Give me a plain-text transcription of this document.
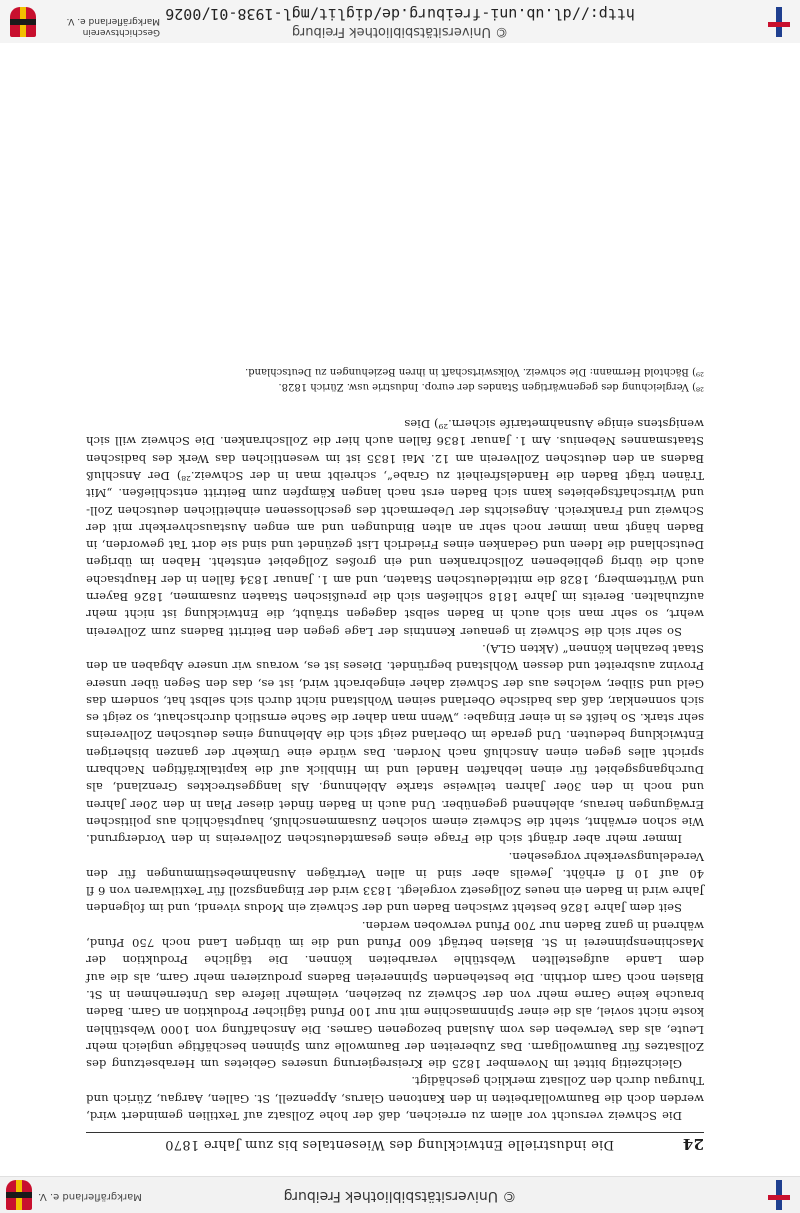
© Universitätsbibliothek Freiburg
Markgräflerland e. V.
24
Die industrielle Entwicklung des Wiesentales bis zum Jahre 1870

Die Schweiz versucht vor allem zu erreichen, daß der hohe Zollsatz auf Textilien gemindert wird, werden doch die Baumwollarbeiten in den Kantonen Glarus, Appenzell, St. Gallen, Aargau, Zürich und Thurgau durch den Zollsatz merklich geschädigt.

Gleichzeitig bittet im November 1825 die Kreisregierung unseres Gebietes um Herabsetzung des Zollsatzes für Baumwollgarn. Das Zubereiten der Baumwolle zum Spinnen beschäftige ungleich mehr Leute, als das Verweben des vom Ausland bezogenen Garnes. Die Anschaffung von 1000 Webstühlen koste nicht soviel, als die einer Spinnmaschine mit nur 100 Pfund täglicher Produktion an Garn. Baden brauche keine Garne mehr von der Schweiz zu beziehen, vielmehr liefere das Unternehmen in St. Blasien noch Garn dorthin. Die bestehenden Spinnereien Badens produzieren mehr Garn, als die auf dem Lande aufgestellten Webstühle verarbeiten können. Die tägliche Produktion der Maschinenspinnerei in St. Blasien beträgt 600 Pfund und die im übrigen Land noch 750 Pfund, während in ganz Baden nur 700 Pfund verwoben werden.

Seit dem Jahre 1826 besteht zwischen Baden und der Schweiz ein Modus vivendi, und im folgenden Jahre wird in Baden ein neues Zollgesetz vorgelegt. 1833 wird der Eingangszoll für Textilwaren von 6 fl 40 auf 10 fl erhöht. Jeweils aber sind in allen Verträgen Ausnahmebestimmungen für den Veredelungsverkehr vorgesehen.

Immer mehr aber drängt sich die Frage eines gesamtdeutschen Zollvereins in den Vordergrund. Wie schon erwähnt, steht die Schweiz einem solchen Zusammenschluß, hauptsächlich aus politischen Erwägungen heraus, ablehnend gegenüber. Und auch in Baden findet dieser Plan in den 20er Jahren und noch in den 30er Jahren teilweise starke Ablehnung. Als langgestrecktes Grenzland, als Durchgangsgebiet für einen lebhaften Handel und im Hinblick auf die kapitalkräftigen Nachbarn spricht alles gegen einen Anschluß nach Norden. Das würde eine Umkehr der ganzen bisherigen Entwicklung bedeuten. Und gerade im Oberland zeigt sich die Ablehnung eines deutschen Zollvereins sehr stark. So heißt es in einer Eingabe: „Wenn man daher die Sache ernstlich durchschaut, so zeigt es sich sonnenklar, daß das badische Oberland seinen Wohlstand nicht durch sich selbst hat, sondern das Geld und Silber, welches aus der Schweiz daher eingebracht wird, ist es, das den Segen über unsere Provinz ausbreitet und dessen Wohlstand begründet. Dieses ist es, woraus wir unsere Abgaben an den Staat bezahlen können“ (Akten GLA).

So sehr sich die Schweiz in genauer Kenntnis der Lage gegen den Beitritt Badens zum Zollverein wehrt, so sehr man sich auch in Baden selbst dagegen sträubt, die Entwicklung ist nicht mehr aufzuhalten. Bereits im Jahre 1818 schließen sich die preußischen Staaten zusammen, 1826 Bayern und Württemberg, 1828 die mitteldeutschen Staaten, und am 1. Januar 1834 fallen in der Hauptsache auch die übrig gebliebenen Zollschranken und ein großes Zollgebiet entsteht. Haben im übrigen Deutschland die Ideen und Gedanken eines Friedrich List gezündet und sind sie dort Tat geworden, in Baden hängt man immer noch sehr an alten Bindungen und am engen Austauschverkehr mit der Schweiz und Frankreich. Angesichts der Uebermacht des geschlossenen einheitlichen deutschen Zoll- und Wirtschaftsgebietes kann sich Baden erst nach langen Kämpfen zum Beitritt entschließen. „Mit Tränen trägt Baden die Handelsfreiheit zu Grabe“, schreibt man in der Schweiz.²⁸) Der Anschluß Badens an den deutschen Zollverein am 12. Mai 1835 ist im wesentlichen das Werk des badischen Staatsmannes Nebenius. Am 1. Januar 1836 fallen auch hier die Zollschranken. Die Schweiz will sich wenigstens einige Ausnahmetarife sichern.²⁹) Dies

²⁸) Vergleichung des gegenwärtigen Standes der europ. Industrie usw. Zürich 1828.

²⁹) Bächtold Hermann: Die schweiz. Volkswirtschaft in ihren Beziehungen zu Deutschland.

© Universitätsbibliothek Freiburg
http://dl.ub.uni-freiburg.de/diglit/mgl-1938-01/0026
Geschichtsverein Markgräflerland e. V.
